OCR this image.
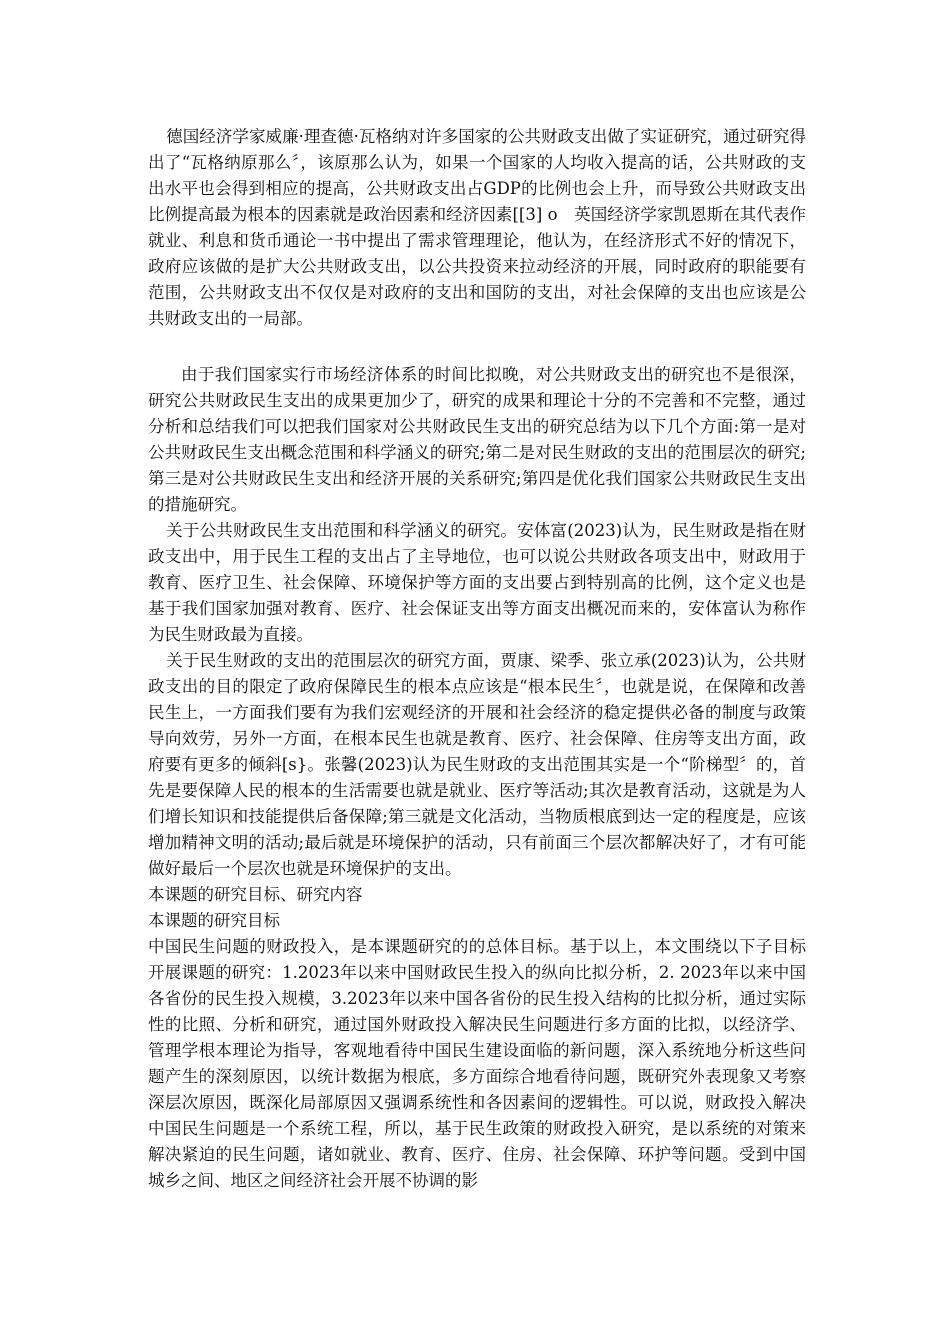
德国经济学家威廉·理查德·瓦格纳对许多国家的公共财政支出做了实证研究，通过研究得出了“瓦格纳原那么〞，该原那么认为，如果一个国家的人均收入提高的话，公共财政的支出水平也会得到相应的提高，公共财政支出占GDP的比例也会上升，而导致公共财政支出比例提高最为根本的因素就是政治因素和经济因素[[3] o　英国经济学家凯恩斯在其代表作就业、利息和货币通论一书中提出了需求管理理论，他认为，在经济形式不好的情况下，政府应该做的是扩大公共财政支出，以公共投资来拉动经济的开展，同时政府的职能要有范围，公共财政支出不仅仅是对政府的支出和国防的支出，对社会保障的支出也应该是公共财政支出的一局部。

由于我们国家实行市场经济体系的时间比拟晚，对公共财政支出的研究也不是很深，研究公共财政民生支出的成果更加少了，研究的成果和理论十分的不完善和不完整，通过分析和总结我们可以把我们国家对公共财政民生支出的研究总结为以下几个方面:第一是对公共财政民生支出概念范围和科学涵义的研究;第二是对民生财政的支出的范围层次的研究;第三是对公共财政民生支出和经济开展的关系研究;第四是优化我们国家公共财政民生支出的措施研究。

关于公共财政民生支出范围和科学涵义的研究。安体富(2023)认为，民生财政是指在财政支出中，用于民生工程的支出占了主导地位，也可以说公共财政各项支出中，财政用于教育、医疗卫生、社会保障、环境保护等方面的支出要占到特别高的比例，这个定义也是基于我们国家加强对教育、医疗、社会保证支出等方面支出概况而来的，安体富认为称作为民生财政最为直接。

关于民生财政的支出的范围层次的研究方面，贾康、梁季、张立承(2023)认为，公共财政支出的目的限定了政府保障民生的根本点应该是“根本民生〞，也就是说，在保障和改善民生上，一方面我们要有为我们宏观经济的开展和社会经济的稳定提供必备的制度与政策导向效劳，另外一方面，在根本民生也就是教育、医疗、社会保障、住房等支出方面，政府要有更多的倾斜[s}。张馨(2023)认为民生财政的支出范围其实是一个“阶梯型〞的，首先是要保障人民的根本的生活需要也就是就业、医疗等活动;其次是教育活动，这就是为人们增长知识和技能提供后备保障;第三就是文化活动，当物质根底到达一定的程度是，应该增加精神文明的活动;最后就是环境保护的活动，只有前面三个层次都解决好了，才有可能做好最后一个层次也就是环境保护的支出。

本课题的研究目标、研究内容

本课题的研究目标

中国民生问题的财政投入，是本课题研究的的总体目标。基于以上，本文围绕以下子目标开展课题的研究：1.2023年以来中国财政民生投入的纵向比拟分析，2. 2023年以来中国各省份的民生投入规模，3.2023年以来中国各省份的民生投入结构的比拟分析，通过实际性的比照、分析和研究，通过国外财政投入解决民生问题进行多方面的比拟，以经济学、管理学根本理论为指导，客观地看待中国民生建设面临的新问题，深入系统地分析这些问题产生的深刻原因，以统计数据为根底，多方面综合地看待问题，既研究外表现象又考察深层次原因，既深化局部原因又强调系统性和各因素间的逻辑性。可以说，财政投入解决中国民生问题是一个系统工程，所以，基于民生政策的财政投入研究，是以系统的对策来解决紧迫的民生问题，诸如就业、教育、医疗、住房、社会保障、环护等问题。受到中国城乡之间、地区之间经济社会开展不协调的影
